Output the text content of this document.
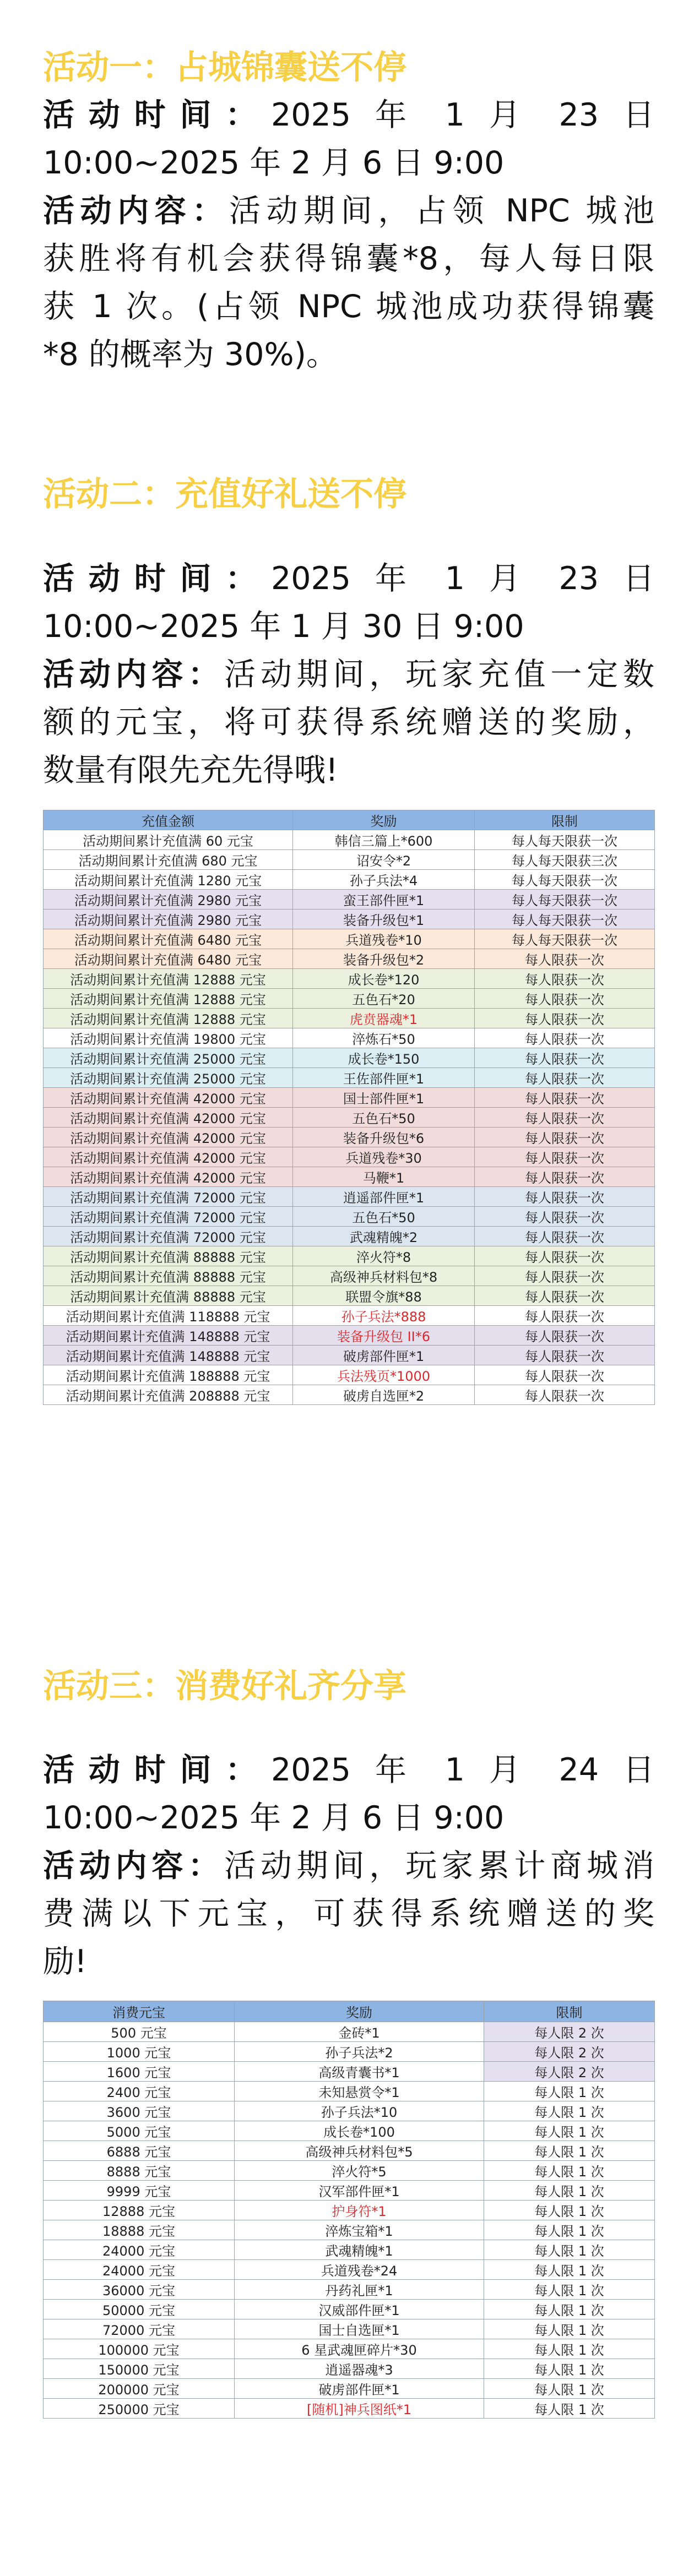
活动一：占城锦囊送不停
活动时间：2025 年 1 月 23 日
10:00~2025 年 2 月 6 日 9:00
活动内容：活动期间，占领 NPC 城池
获胜将有机会获得锦囊*8，每人每日限
获 1 次。(占领 NPC 城池成功获得锦囊
*8 的概率为 30%)。
活动二：充值好礼送不停
活动时间：2025 年 1 月 23 日
10:00~2025 年 1 月 30 日 9:00
活动内容：活动期间，玩家充值一定数
额的元宝，将可获得系统赠送的奖励，
数量有限先充先得哦!
充值金额	奖励	限制
活动期间累计充值满 60 元宝	韩信三篇上*600	每人每天限获一次
活动期间累计充值满 680 元宝	诏安令*2	每人每天限获三次
活动期间累计充值满 1280 元宝	孙子兵法*4	每人每天限获一次
活动期间累计充值满 2980 元宝	蛮王部件匣*1	每人每天限获一次
活动期间累计充值满 2980 元宝	装备升级包*1	每人每天限获一次
活动期间累计充值满 6480 元宝	兵道残卷*10	每人每天限获一次
活动期间累计充值满 6480 元宝	装备升级包*2	每人限获一次
活动期间累计充值满 12888 元宝	成长卷*120	每人限获一次
活动期间累计充值满 12888 元宝	五色石*20	每人限获一次
活动期间累计充值满 12888 元宝	虎贲器魂*1	每人限获一次
活动期间累计充值满 19800 元宝	淬炼石*50	每人限获一次
活动期间累计充值满 25000 元宝	成长卷*150	每人限获一次
活动期间累计充值满 25000 元宝	王佐部件匣*1	每人限获一次
活动期间累计充值满 42000 元宝	国士部件匣*1	每人限获一次
活动期间累计充值满 42000 元宝	五色石*50	每人限获一次
活动期间累计充值满 42000 元宝	装备升级包*6	每人限获一次
活动期间累计充值满 42000 元宝	兵道残卷*30	每人限获一次
活动期间累计充值满 42000 元宝	马鞭*1	每人限获一次
活动期间累计充值满 72000 元宝	逍遥部件匣*1	每人限获一次
活动期间累计充值满 72000 元宝	五色石*50	每人限获一次
活动期间累计充值满 72000 元宝	武魂精魄*2	每人限获一次
活动期间累计充值满 88888 元宝	淬火符*8	每人限获一次
活动期间累计充值满 88888 元宝	高级神兵材料包*8	每人限获一次
活动期间累计充值满 88888 元宝	联盟令旗*88	每人限获一次
活动期间累计充值满 118888 元宝	孙子兵法*888	每人限获一次
活动期间累计充值满 148888 元宝	装备升级包 II*6	每人限获一次
活动期间累计充值满 148888 元宝	破虏部件匣*1	每人限获一次
活动期间累计充值满 188888 元宝	兵法残页*1000	每人限获一次
活动期间累计充值满 208888 元宝	破虏自选匣*2	每人限获一次
活动三：消费好礼齐分享
活动时间：2025 年 1 月 24 日
10:00~2025 年 2 月 6 日 9:00
活动内容：活动期间，玩家累计商城消
费满以下元宝，可获得系统赠送的奖
励!
消费元宝	奖励	限制
500 元宝	金砖*1	每人限 2 次
1000 元宝	孙子兵法*2	每人限 2 次
1600 元宝	高级青囊书*1	每人限 2 次
2400 元宝	未知悬赏令*1	每人限 1 次
3600 元宝	孙子兵法*10	每人限 1 次
5000 元宝	成长卷*100	每人限 1 次
6888 元宝	高级神兵材料包*5	每人限 1 次
8888 元宝	淬火符*5	每人限 1 次
9999 元宝	汉军部件匣*1	每人限 1 次
12888 元宝	护身符*1	每人限 1 次
18888 元宝	淬炼宝箱*1	每人限 1 次
24000 元宝	武魂精魄*1	每人限 1 次
24000 元宝	兵道残卷*24	每人限 1 次
36000 元宝	丹药礼匣*1	每人限 1 次
50000 元宝	汉威部件匣*1	每人限 1 次
72000 元宝	国士自选匣*1	每人限 1 次
100000 元宝	6 星武魂匣碎片*30	每人限 1 次
150000 元宝	逍遥器魂*3	每人限 1 次
200000 元宝	破虏部件匣*1	每人限 1 次
250000 元宝	[随机]神兵图纸*1	每人限 1 次
